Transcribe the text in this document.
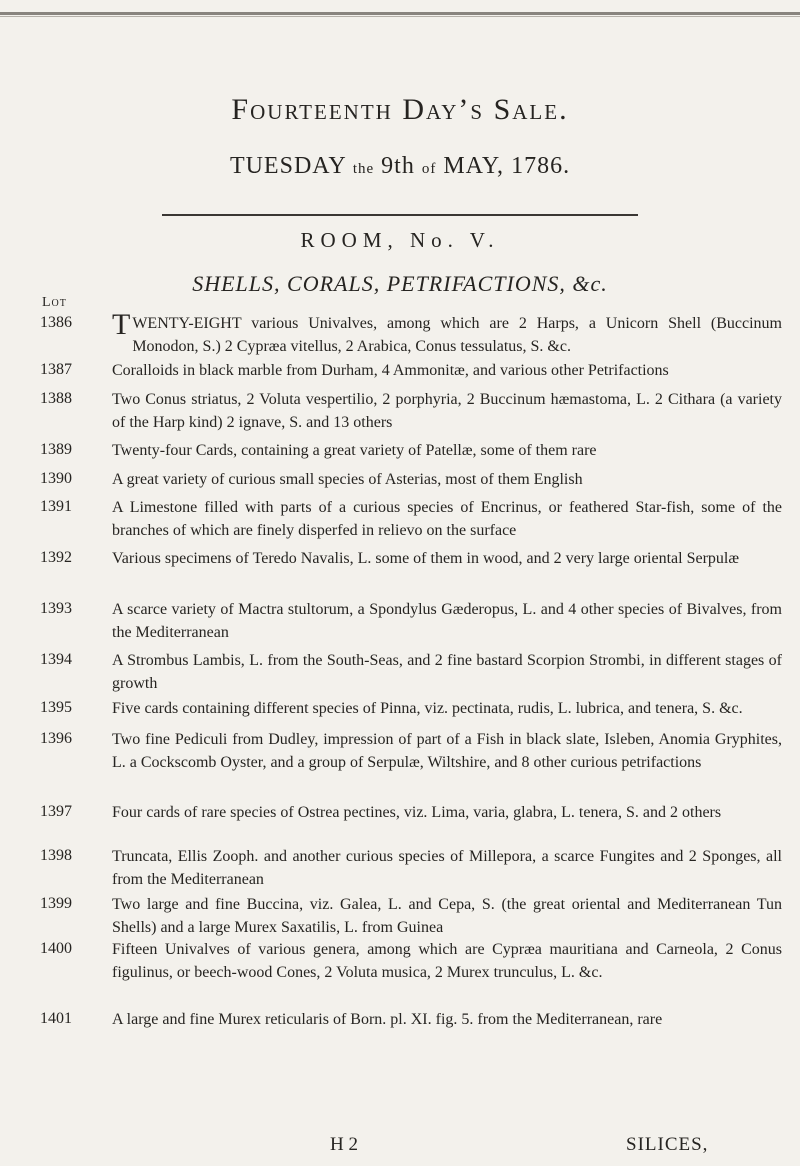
Fourteenth Day’s Sale.
TUESDAY the 9th of MAY, 1786.
ROOM, No. V.
SHELLS, CORALS, PETRIFACTIONS, &c.
Lot
1386	TWENTY-EIGHT various Univalves, among which are 2 Harps, a Unicorn Shell (Buccinum Monodon, S.) 2 Cypræa vitellus, 2 Arabica, Conus tessulatus, S. &c.
1387	Coralloids in black marble from Durham, 4 Ammonitæ, and various other Petrifactions
1388	Two Conus striatus, 2 Voluta vespertilio, 2 porphyria, 2 Buccinum hæmastoma, L. 2 Cithara (a variety of the Harp kind) 2 ignave, S. and 13 others
1389	Twenty-four Cards, containing a great variety of Patellæ, some of them rare
1390	A great variety of curious small species of Asterias, most of them English
1391	A Limestone filled with parts of a curious species of Encrinus, or feathered Star-fish, some of the branches of which are finely disperfed in relievo on the surface
1392	Various specimens of Teredo Navalis, L. some of them in wood, and 2 very large oriental Serpulæ
1393	A scarce variety of Mactra stultorum, a Spondylus Gæderopus, L. and 4 other species of Bivalves, from the Mediterranean
1394	A Strombus Lambis, L. from the South-Seas, and 2 fine bastard Scorpion Strombi, in different stages of growth
1395	Five cards containing different species of Pinna, viz. pectinata, rudis, L. lubrica, and tenera, S. &c.
1396	Two fine Pediculi from Dudley, impression of part of a Fish in black slate, Isleben, Anomia Gryphites, L. a Cockscomb Oyster, and a group of Serpulæ, Wiltshire, and 8 other curious petrifactions
1397	Four cards of rare species of Ostrea pectines, viz. Lima, varia, glabra, L. tenera, S. and 2 others
1398	Truncata, Ellis Zooph. and another curious species of Millepora, a scarce Fungites and 2 Sponges, all from the Mediterranean
1399	Two large and fine Buccina, viz. Galea, L. and Cepa, S. (the great oriental and Mediterranean Tun Shells) and a large Murex Saxatilis, L. from Guinea
1400	Fifteen Univalves of various genera, among which are Cypræa mauritiana and Carneola, 2 Conus figulinus, or beech-wood Cones, 2 Voluta musica, 2 Murex trunculus, L. &c.
1401	A large and fine Murex reticularis of Born. pl. XI. fig. 5. from the Mediterranean, rare
H 2	SILICES,
